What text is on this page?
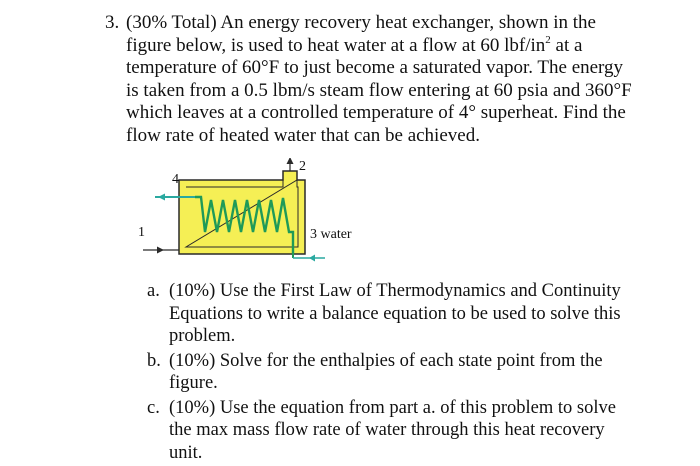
3. (30% Total) An energy recovery heat exchanger, shown in the
figure below, is used to heat water at a flow at 60 lbf/$in^2$ at a
temperature of 60°F to just become a saturated vapor. The energy
is taken from a 0.5 lbm/s steam flow entering at 60 psia and 360°F
which leaves at a controlled temperature of 4° superheat. Find the
flow rate of heated water that can be achieved.

1
2
3 water
4
a. (10%) Use the First Law of Thermodynamics and Continuity
Equations to write a balance equation to be used to solve this
problem.
b. (10%) Solve for the enthalpies of each state point from the
figure.
c. (10%) Use the equation from part a. of this problem to solve
the max mass flow rate of water through this heat recovery
unit.
